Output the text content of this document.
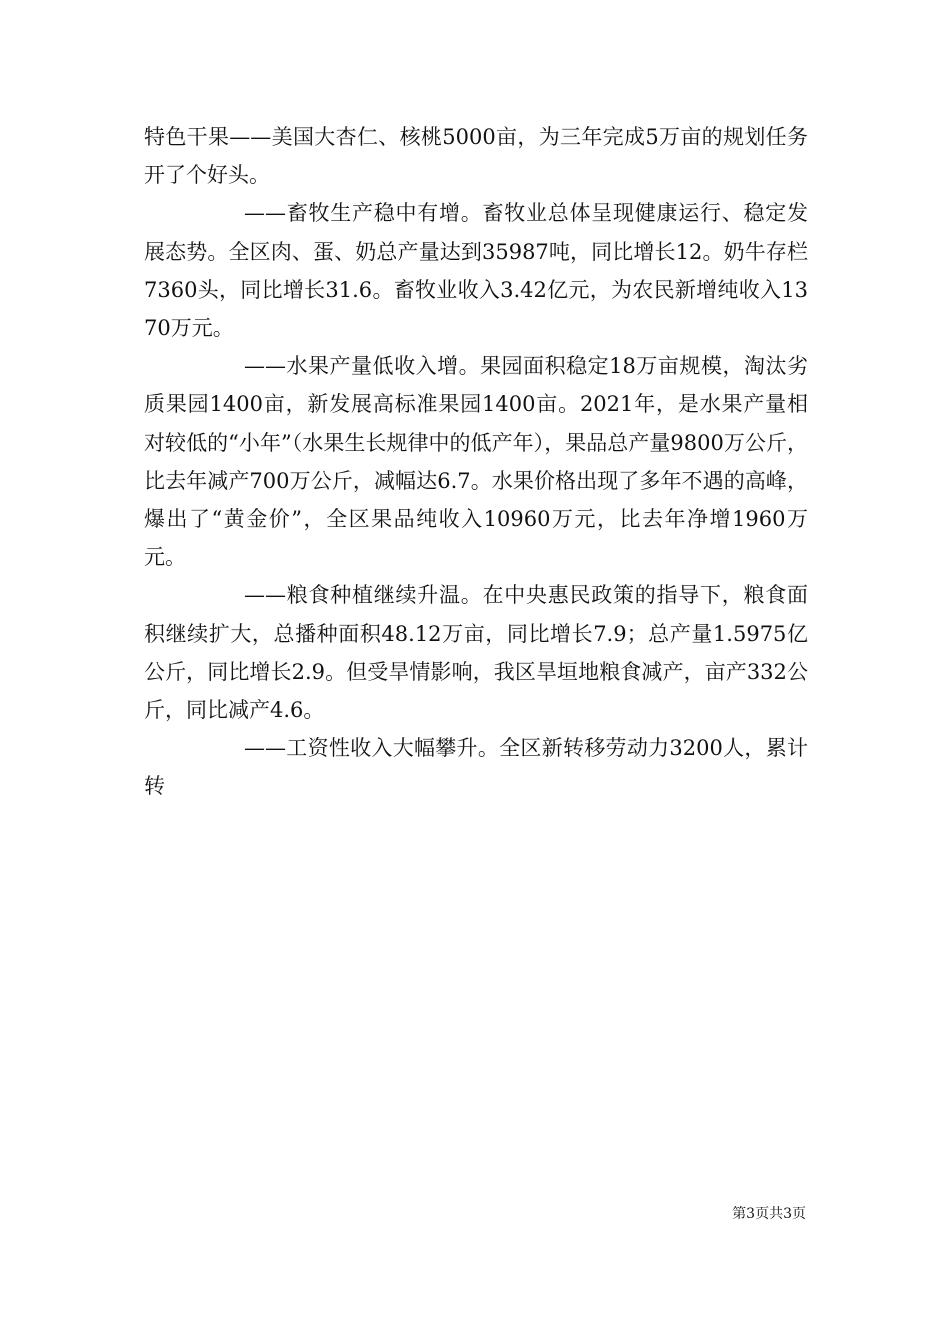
特色干果——美国大杏仁、核桃5000亩，为三年完成5万亩的规划任务开了个好头。

——畜牧生产稳中有增。畜牧业总体呈现健康运行、稳定发展态势。全区肉、蛋、奶总产量达到35987吨，同比增长12。奶牛存栏7360头，同比增长31.6。畜牧业收入3.42亿元，为农民新增纯收入1370万元。

——水果产量低收入增。果园面积稳定18万亩规模，淘汰劣质果园1400亩，新发展高标准果园1400亩。2021年，是水果产量相对较低的“小年”（水果生长规律中的低产年），果品总产量9800万公斤，比去年减产700万公斤，减幅达6.7。水果价格出现了多年不遇的高峰，爆出了“黄金价”，全区果品纯收入10960万元，比去年净增1960万元。

——粮食种植继续升温。在中央惠民政策的指导下，粮食面积继续扩大，总播种面积48.12万亩，同比增长7.9；总产量1.5975亿公斤，同比增长2.9。但受旱情影响，我区旱垣地粮食减产，亩产332公斤，同比减产4.6。

——工资性收入大幅攀升。全区新转移劳动力3200人，累计转

第3页共3页
